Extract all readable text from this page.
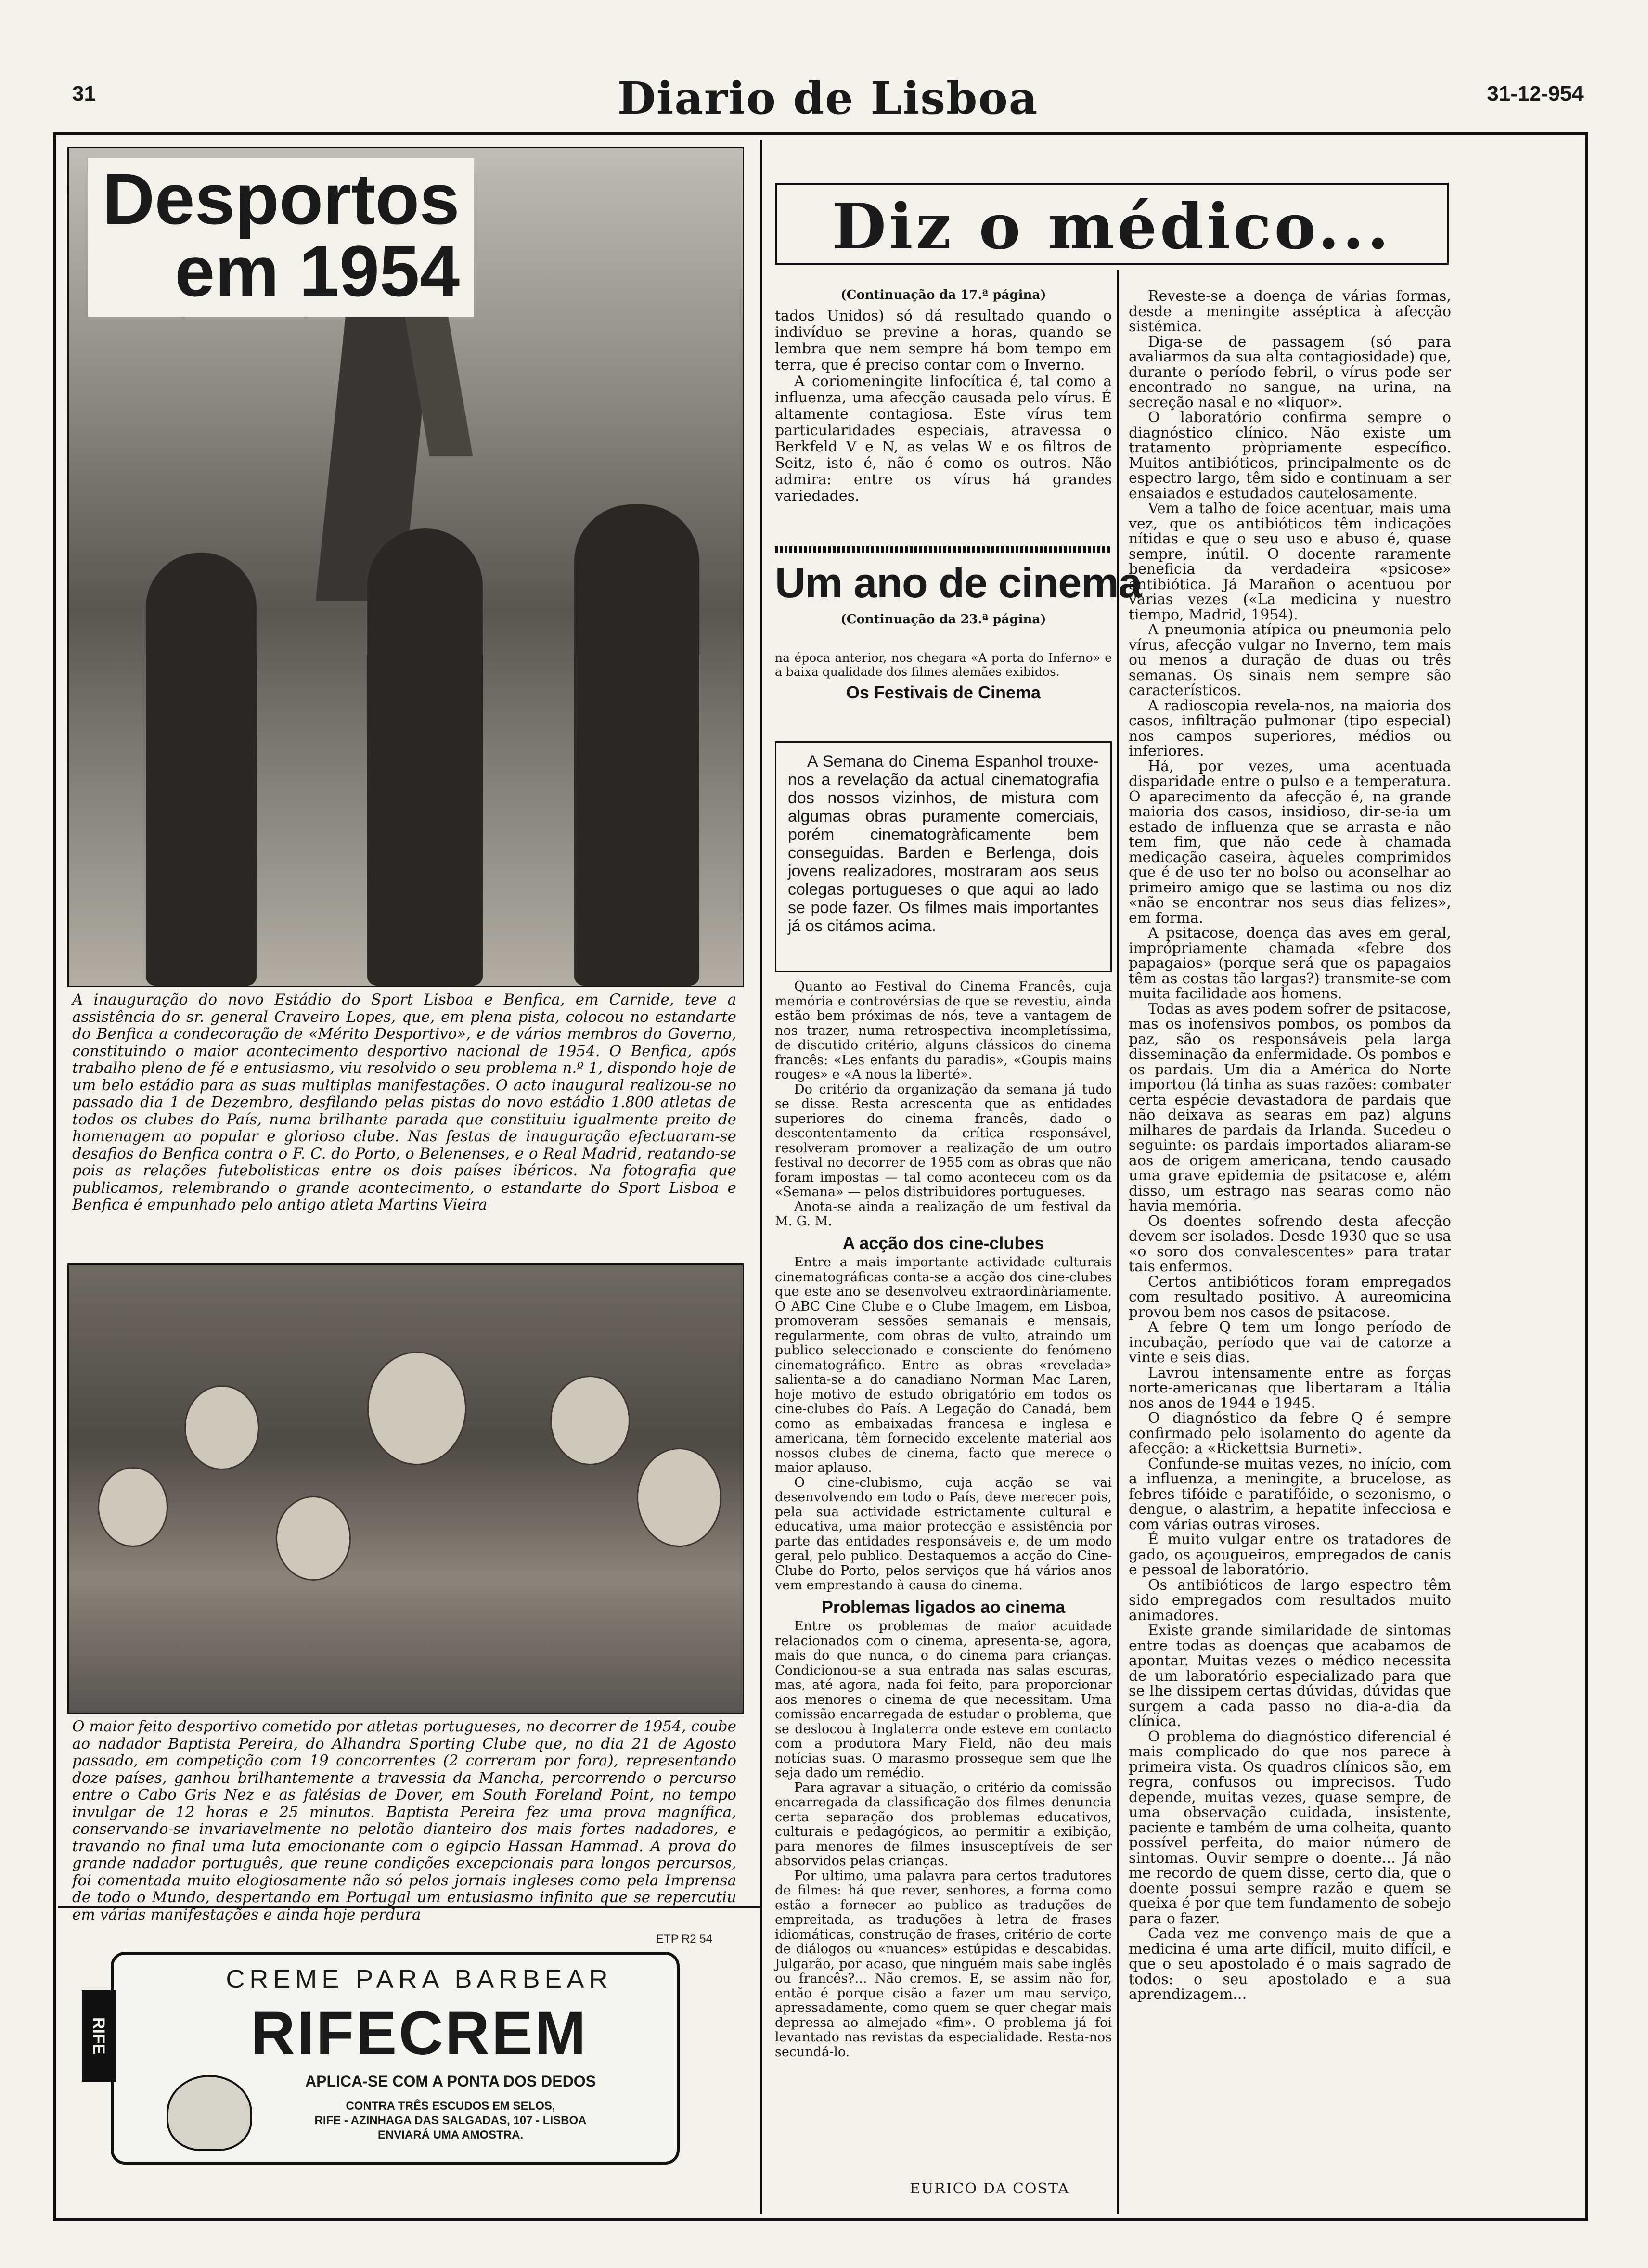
31	Diario de Lisboa	31-12-954
Desportos
em 1954
A inauguração do novo Estádio do Sport Lisboa e Benfica, em Carnide, teve a assistência do sr. general Craveiro Lopes, que, em plena pista, colocou no estandarte do Benfica a condecoração de «Mérito Desportivo», e de vários membros do Governo, constituindo o maior acontecimento desportivo nacional de 1954. O Benfica, após trabalho pleno de fé e entusiasmo, viu resolvido o seu problema n.º 1, dispondo hoje de um belo estádio para as suas multiplas manifestações. O acto inaugural realizou-se no passado dia 1 de Dezembro, desfilando pelas pistas do novo estádio 1.800 atletas de todos os clubes do País, numa brilhante parada que constituiu igualmente preito de homenagem ao popular e glorioso clube. Nas festas de inauguração efectuaram-se desafios do Benfica contra o F. C. do Porto, o Belenenses, e o Real Madrid, reatando-se pois as relações futebolisticas entre os dois países ibéricos. Na fotografia que publicamos, relembrando o grande acontecimento, o estandarte do Sport Lisboa e Benfica é empunhado pelo antigo atleta Martins Vieira
O maior feito desportivo cometido por atletas portugueses, no decorrer de 1954, coube ao nadador Baptista Pereira, do Alhandra Sporting Clube que, no dia 21 de Agosto passado, em competição com 19 concorrentes (2 correram por fora), representando doze países, ganhou brilhantemente a travessia da Mancha, percorrendo o percurso entre o Cabo Gris Nez e as falésias de Dover, em South Foreland Point, no tempo invulgar de 12 horas e 25 minutos. Baptista Pereira fez uma prova magnífica, conservando-se invariavelmente no pelotão dianteiro dos mais fortes nadadores, e travando no final uma luta emocionante com o egipcio Hassan Hammad. A prova do grande nadador português, que reune condições excepcionais para longos percursos, foi comentada muito elogiosamente não só pelos jornais ingleses como pela Imprensa de todo o Mundo, despertando em Portugal um entusiasmo infinito que se repercutiu em várias manifestações e ainda hoje perdura
ETP R2 54
CREME PARA BARBEAR
RIFECREM
APLICA-SE COM A PONTA DOS DEDOS
CONTRA TRÊS ESCUDOS EM SELOS,
RIFE - AZINHAGA DAS SALGADAS, 107 - LISBOA
ENVIARÁ UMA AMOSTRA.
RIFE
Diz o médico...
(Continuação da 17.ª página)

tados Unidos) só dá resultado quando o indivíduo se previne a horas, quando se lembra que nem sempre há bom tempo em terra, que é preciso contar com o Inverno.

A coriomeningite linfocítica é, tal como a influenza, uma afecção causada pelo vírus. É altamente contagiosa. Este vírus tem particularidades especiais, atravessa o Berkfeld V e N, as velas W e os filtros de Seitz, isto é, não é como os outros. Não admira: entre os vírus há grandes variedades.

Reveste-se a doença de várias formas, desde a meningite asséptica à afecção sistémica.

Diga-se de passagem (só para avaliarmos da sua alta contagiosidade) que, durante o período febril, o vírus pode ser encontrado no sangue, na urina, na secreção nasal e no «liquor».

O laboratório confirma sempre o diagnóstico clínico. Não existe um tratamento pròpriamente específico. Muitos antibióticos, principalmente os de espectro largo, têm sido e continuam a ser ensaiados e estudados cautelosamente.

Vem a talho de foice acentuar, mais uma vez, que os antibióticos têm indicações nítidas e que o seu uso e abuso é, quase sempre, inútil. O docente raramente beneficia da verdadeira «psicose» antibiótica. Já Marañon o acentuou por várias vezes («La medicina y nuestro tiempo, Madrid, 1954).

A pneumonia atípica ou pneumonia pelo vírus, afecção vulgar no Inverno, tem mais ou menos a duração de duas ou três semanas. Os sinais nem sempre são característicos.

A radioscopia revela-nos, na maioria dos casos, infiltração pulmonar (tipo especial) nos campos superiores, médios ou inferiores.

Há, por vezes, uma acentuada disparidade entre o pulso e a temperatura. O aparecimento da afecção é, na grande maioria dos casos, insidioso, dir-se-ia um estado de influenza que se arrasta e não tem fim, que não cede à chamada medicação caseira, àqueles comprimidos que é de uso ter no bolso ou aconselhar ao primeiro amigo que se lastima ou nos diz «não se encontrar nos seus dias felizes», em forma.

A psitacose, doença das aves em geral, imprópriamente chamada «febre dos papagaios» (porque será que os papagaios têm as costas tão largas?) transmite-se com muita facilidade aos homens.

Todas as aves podem sofrer de psitacose, mas os inofensivos pombos, os pombos da paz, são os responsáveis pela larga disseminação da enfermidade. Os pombos e os pardais. Um dia a América do Norte importou (lá tinha as suas razões: combater certa espécie devastadora de pardais que não deixava as searas em paz) alguns milhares de pardais da Irlanda. Sucedeu o seguinte: os pardais importados aliaram-se aos de origem americana, tendo causado uma grave epidemia de psitacose e, além disso, um estrago nas searas como não havia memória.

Os doentes sofrendo desta afecção devem ser isolados. Desde 1930 que se usa «o soro dos convalescentes» para tratar tais enfermos.

Certos antibióticos foram empregados com resultado positivo. A aureomicina provou bem nos casos de psitacose.

A febre Q tem um longo período de incubação, período que vai de catorze a vinte e seis dias.

Lavrou intensamente entre as forças norte-americanas que libertaram a Itália nos anos de 1944 e 1945.

O diagnóstico da febre Q é sempre confirmado pelo isolamento do agente da afecção: a «Rickettsia Burneti».

Confunde-se muitas vezes, no início, com a influenza, a meningite, a brucelose, as febres tifóide e paratifóide, o sezonismo, o dengue, o alastrim, a hepatite infecciosa e com várias outras viroses.

É muito vulgar entre os tratadores de gado, os açougueiros, empregados de canis e pessoal de laboratório.

Os antibióticos de largo espectro têm sido empregados com resultados muito animadores.

Existe grande similaridade de sintomas entre todas as doenças que acabamos de apontar. Muitas vezes o médico necessita de um laboratório especializado para que se lhe dissipem certas dúvidas, dúvidas que surgem a cada passo no dia-a-dia da clínica.

O problema do diagnóstico diferencial é mais complicado do que nos parece à primeira vista. Os quadros clínicos são, em regra, confusos ou imprecisos. Tudo depende, muitas vezes, quase sempre, de uma observação cuidada, insistente, paciente e também de uma colheita, quanto possível perfeita, do maior número de sintomas. Ouvir sempre o doente... Já não me recordo de quem disse, certo dia, que o doente possui sempre razão e quem se queixa é por que tem fundamento de sobejo para o fazer.

Cada vez me convenço mais de que a medicina é uma arte difícil, muito difícil, e que o seu apostolado é o mais sagrado de todos: o seu apostolado e a sua aprendizagem...

Um ano de cinema
(Continuação da 23.ª página)

na época anterior, nos chegara «A porta do Inferno» e a baixa qualidade dos filmes alemães exibidos.

Os Festivais de Cinema

A Semana do Cinema Espanhol trouxe-nos a revelação da actual cinematografia dos nossos vizinhos, de mistura com algumas obras puramente comerciais, porém cinematogràficamente bem conseguidas. Barden e Berlenga, dois jovens realizadores, mostraram aos seus colegas portugueses o que aqui ao lado se pode fazer. Os filmes mais importantes já os citámos acima.

Quanto ao Festival do Cinema Francês, cuja memória e controvérsias de que se revestiu, ainda estão bem próximas de nós, teve a vantagem de nos trazer, numa retrospectiva incompletíssima, de discutido critério, alguns clássicos do cinema francês: «Les enfants du paradis», «Goupis mains rouges» e «A nous la liberté».

Do critério da organização da semana já tudo se disse. Resta acrescenta que as entidades superiores do cinema francês, dado o descontentamento da crítica responsável, resolveram promover a realização de um outro festival no decorrer de 1955 com as obras que não foram impostas — tal como aconteceu com os da «Semana» — pelos distribuidores portugueses.

Anota-se ainda a realização de um festival da M. G. M.

A acção dos cine-clubes

Entre a mais importante actividade culturais cinematográficas conta-se a acção dos cine-clubes que este ano se desenvolveu extraordinàriamente. O ABC Cine Clube e o Clube Imagem, em Lisboa, promoveram sessões semanais e mensais, regularmente, com obras de vulto, atraindo um publico seleccionado e consciente do fenómeno cinematográfico. Entre as obras «revelada» salienta-se a do canadiano Norman Mac Laren, hoje motivo de estudo obrigatório em todos os cine-clubes do País. A Legação do Canadá, bem como as embaixadas francesa e inglesa e americana, têm fornecido excelente material aos nossos clubes de cinema, facto que merece o maior aplauso.

O cine-clubismo, cuja acção se vai desenvolvendo em todo o País, deve merecer pois, pela sua actividade estrictamente cultural e educativa, uma maior protecção e assistência por parte das entidades responsáveis e, de um modo geral, pelo publico. Destaquemos a acção do Cine-Clube do Porto, pelos serviços que há vários anos vem emprestando à causa do cinema.

Problemas ligados ao cinema

Entre os problemas de maior acuidade relacionados com o cinema, apresenta-se, agora, mais do que nunca, o do cinema para crianças. Condicionou-se a sua entrada nas salas escuras, mas, até agora, nada foi feito, para proporcionar aos menores o cinema de que necessitam. Uma comissão encarregada de estudar o problema, que se deslocou à Inglaterra onde esteve em contacto com a produtora Mary Field, não deu mais notícias suas. O marasmo prossegue sem que lhe seja dado um remédio.

Para agravar a situação, o critério da comissão encarregada da classificação dos filmes denuncia certa separação dos problemas educativos, culturais e pedagógicos, ao permitir a exibição, para menores de filmes insusceptíveis de ser absorvidos pelas crianças.

Por ultimo, uma palavra para certos tradutores de filmes: há que rever, senhores, a forma como estão a fornecer ao publico as traduções de empreitada, as traduções à letra de frases idiomáticas, construção de frases, critério de corte de diálogos ou «nuances» estúpidas e descabidas. Julgarão, por acaso, que ninguém mais sabe inglês ou francês?... Não cremos. E, se assim não for, então é porque cisão a fazer um mau serviço, apressadamente, como quem se quer chegar mais depressa ao almejado «fim». O problema já foi levantado nas revistas da especialidade. Resta-nos secundá-lo.

EURICO DA COSTA
